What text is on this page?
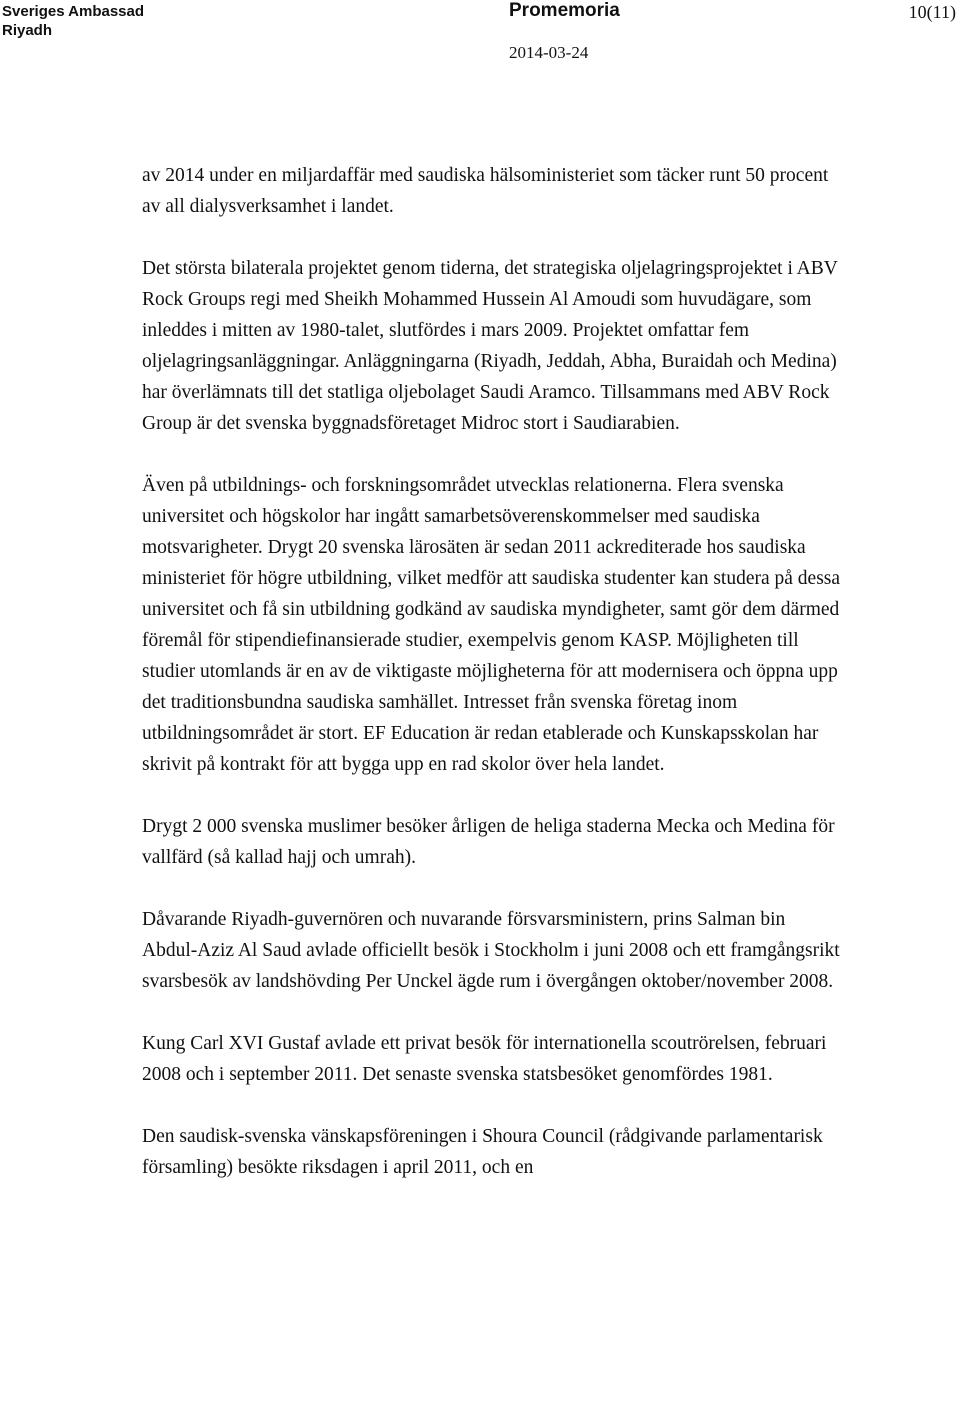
Sveriges Ambassad
Riyadh
Promemoria	10(11)
2014-03-24

av 2014 under en miljardaffär med saudiska hälsoministeriet som täcker runt 50 procent av all dialysverksamhet i landet.

Det största bilaterala projektet genom tiderna, det strategiska oljelagringsprojektet i ABV Rock Groups regi med Sheikh Mohammed Hussein Al Amoudi som huvudägare, som inleddes i mitten av 1980-talet, slutfördes i mars 2009. Projektet omfattar fem oljelagringsanläggningar. Anläggningarna (Riyadh, Jeddah, Abha, Buraidah och Medina) har överlämnats till det statliga oljebolaget Saudi Aramco. Tillsammans med ABV Rock Group är det svenska byggnadsföretaget Midroc stort i Saudiarabien.

Även på utbildnings- och forskningsområdet utvecklas relationerna. Flera svenska universitet och högskolor har ingått samarbetsöverenskommelser med saudiska motsvarigheter. Drygt 20 svenska lärosäten är sedan 2011 ackrediterade hos saudiska ministeriet för högre utbildning, vilket medför att saudiska studenter kan studera på dessa universitet och få sin utbildning godkänd av saudiska myndigheter, samt gör dem därmed föremål för stipendiefinansierade studier, exempelvis genom KASP. Möjligheten till studier utomlands är en av de viktigaste möjligheterna för att modernisera och öppna upp det traditionsbundna saudiska samhället. Intresset från svenska företag inom utbildningsområdet är stort. EF Education är redan etablerade och Kunskapsskolan har skrivit på kontrakt för att bygga upp en rad skolor över hela landet.

Drygt 2 000 svenska muslimer besöker årligen de heliga staderna Mecka och Medina för vallfärd (så kallad hajj och umrah).

Dåvarande Riyadh-guvernören och nuvarande försvarsministern, prins Salman bin Abdul-Aziz Al Saud avlade officiellt besök i Stockholm i juni 2008 och ett framgångsrikt svarsbesök av landshövding Per Unckel ägde rum i övergången oktober/november 2008.

Kung Carl XVI Gustaf avlade ett privat besök för internationella scoutrörelsen, februari 2008 och i september 2011. Det senaste svenska statsbesöket genomfördes 1981.

Den saudisk-svenska vänskapsföreningen i Shoura Council (rådgivande parlamentarisk församling) besökte riksdagen i april 2011, och en
